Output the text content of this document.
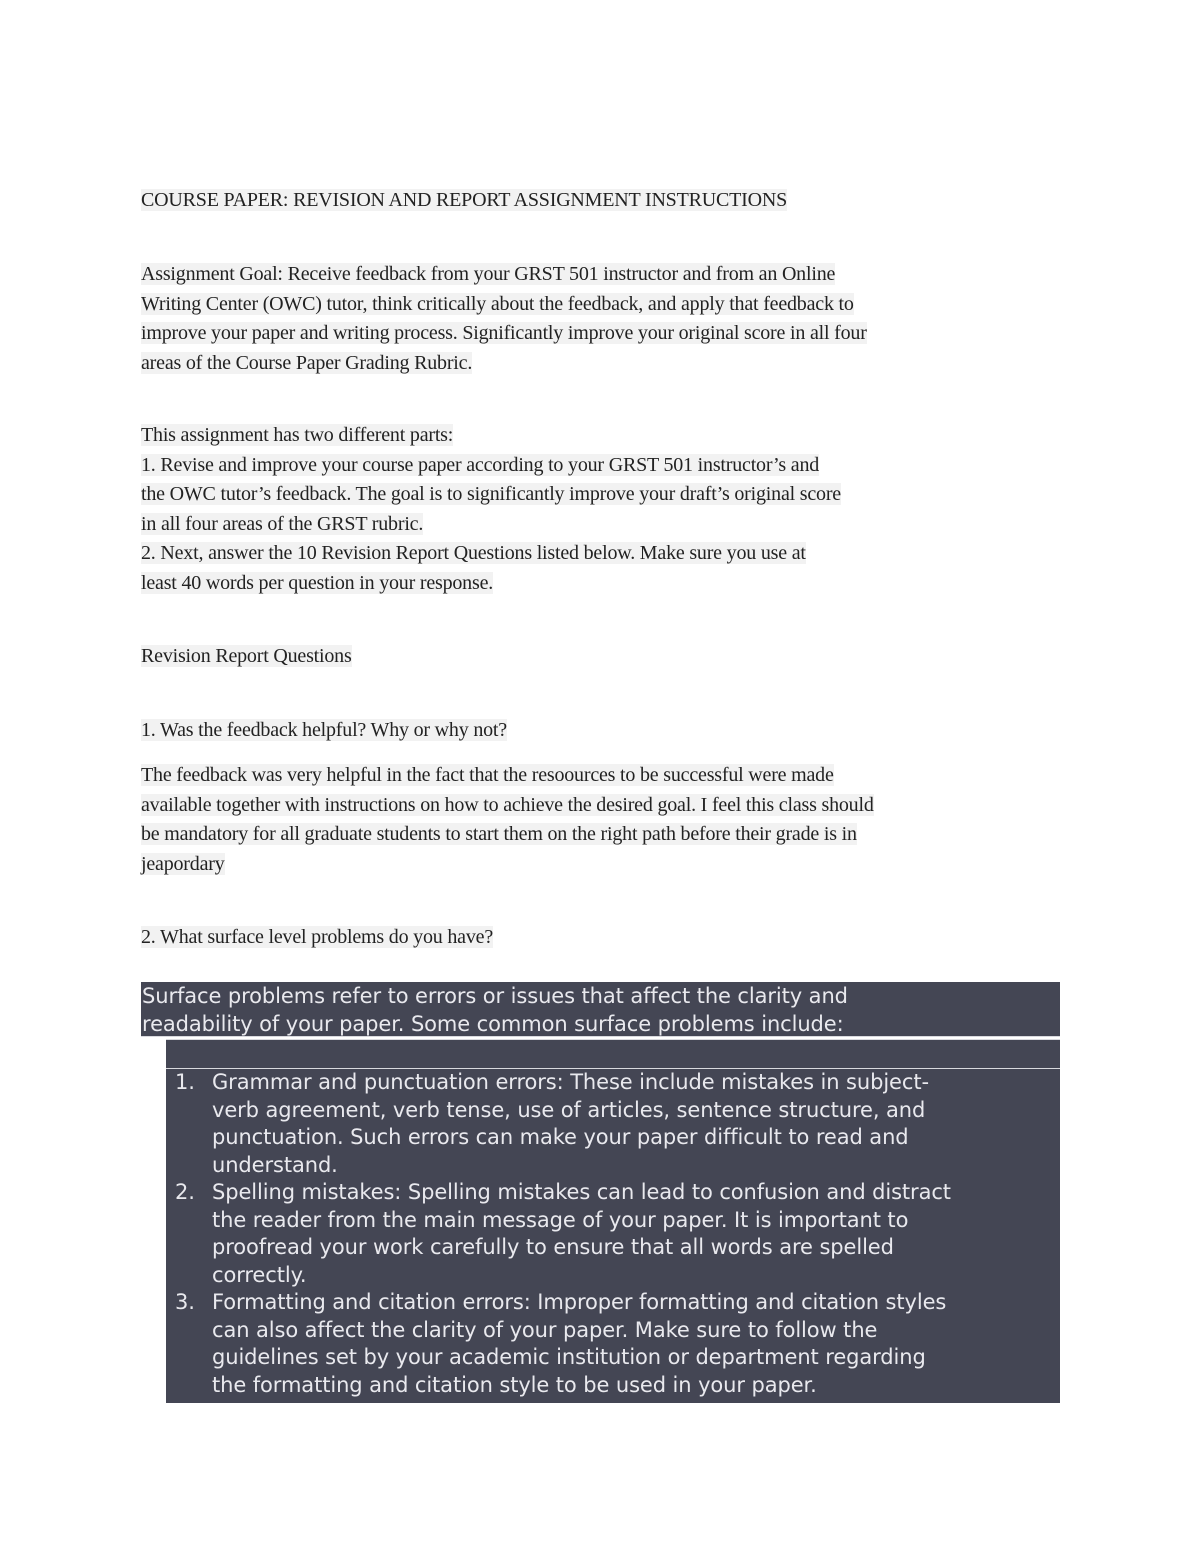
COURSE PAPER: REVISION AND REPORT ASSIGNMENT INSTRUCTIONS
Assignment Goal: Receive feedback from your GRST 501 instructor and from an Online
Writing Center (OWC) tutor, think critically about the feedback, and apply that feedback to
improve your paper and writing process. Significantly improve your original score in all four
areas of the Course Paper Grading Rubric.
This assignment has two different parts:
1. Revise and improve your course paper according to your GRST 501 instructor’s and
the OWC tutor’s feedback. The goal is to significantly improve your draft’s original score
in all four areas of the GRST rubric.
2. Next, answer the 10 Revision Report Questions listed below. Make sure you use at
least 40 words per question in your response.
Revision Report Questions
1. Was the feedback helpful? Why or why not?
The feedback was very helpful in the fact that the resoources to be successful were made
available together with instructions on how to achieve the desired goal. I feel this class should
be mandatory for all graduate students to start them on the right path before their grade is in
jeapordary
2. What surface level problems do you have?
Surface problems refer to errors or issues that affect the clarity and
readability of your paper. Some common surface problems include:
1. Grammar and punctuation errors: These include mistakes in subject-
verb agreement, verb tense, use of articles, sentence structure, and
punctuation. Such errors can make your paper difficult to read and
understand.
2. Spelling mistakes: Spelling mistakes can lead to confusion and distract
the reader from the main message of your paper. It is important to
proofread your work carefully to ensure that all words are spelled
correctly.
3. Formatting and citation errors: Improper formatting and citation styles
can also affect the clarity of your paper. Make sure to follow the
guidelines set by your academic institution or department regarding
the formatting and citation style to be used in your paper.
